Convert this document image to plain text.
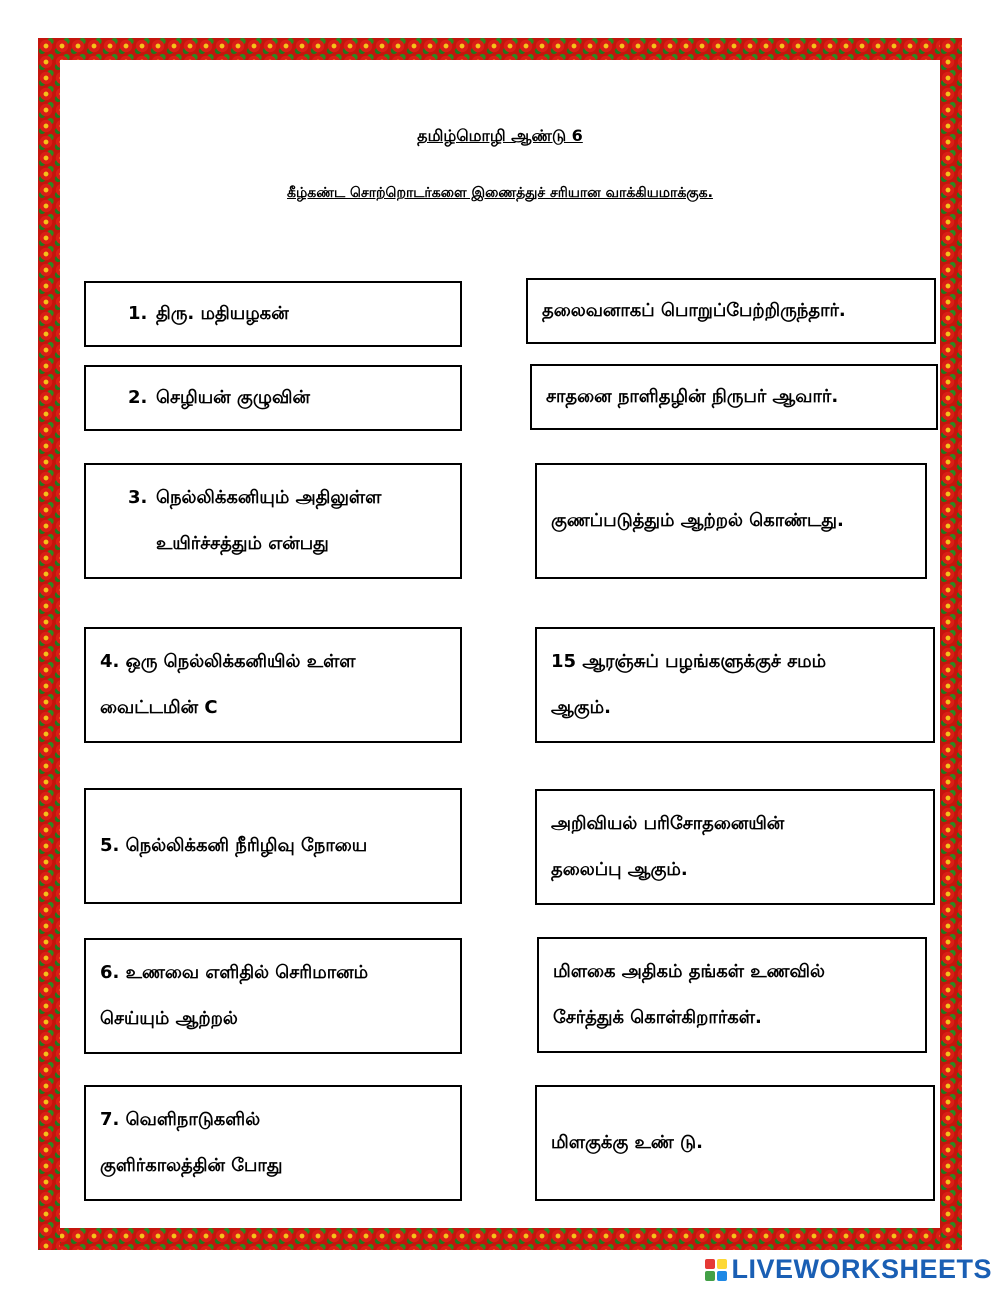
தமிழ்மொழி ஆண்டு 6
கீழ்கண்ட சொற்றொடர்களை இணைத்துச் சரியான வாக்கியமாக்குக.
1. திரு. மதியழகன்
2. செழியன் குழுவின்
3. நெல்லிக்கனியும் அதிலுள்ள
உயிர்ச்சத்தும் என்பது
4. ஒரு நெல்லிக்கனியில் உள்ள
வைட்டமின் C
5. நெல்லிக்கனி நீரிழிவு நோயை
6. உணவை எளிதில் செரிமானம்
செய்யும் ஆற்றல்
7. வெளிநாடுகளில்
குளிர்காலத்தின் போது
தலைவனாகப் பொறுப்பேற்றிருந்தார்.
சாதனை நாளிதழின் நிருபர் ஆவார்.
குணப்படுத்தும் ஆற்றல் கொண்டது.
15 ஆரஞ்சுப் பழங்களுக்குச் சமம்
ஆகும்.
அறிவியல் பரிசோதனையின்
தலைப்பு ஆகும்.
மிளகை அதிகம் தங்கள் உணவில்
சேர்த்துக் கொள்கிறார்கள்.
மிளகுக்கு உண் டு.
LIVEWORKSHEETS
